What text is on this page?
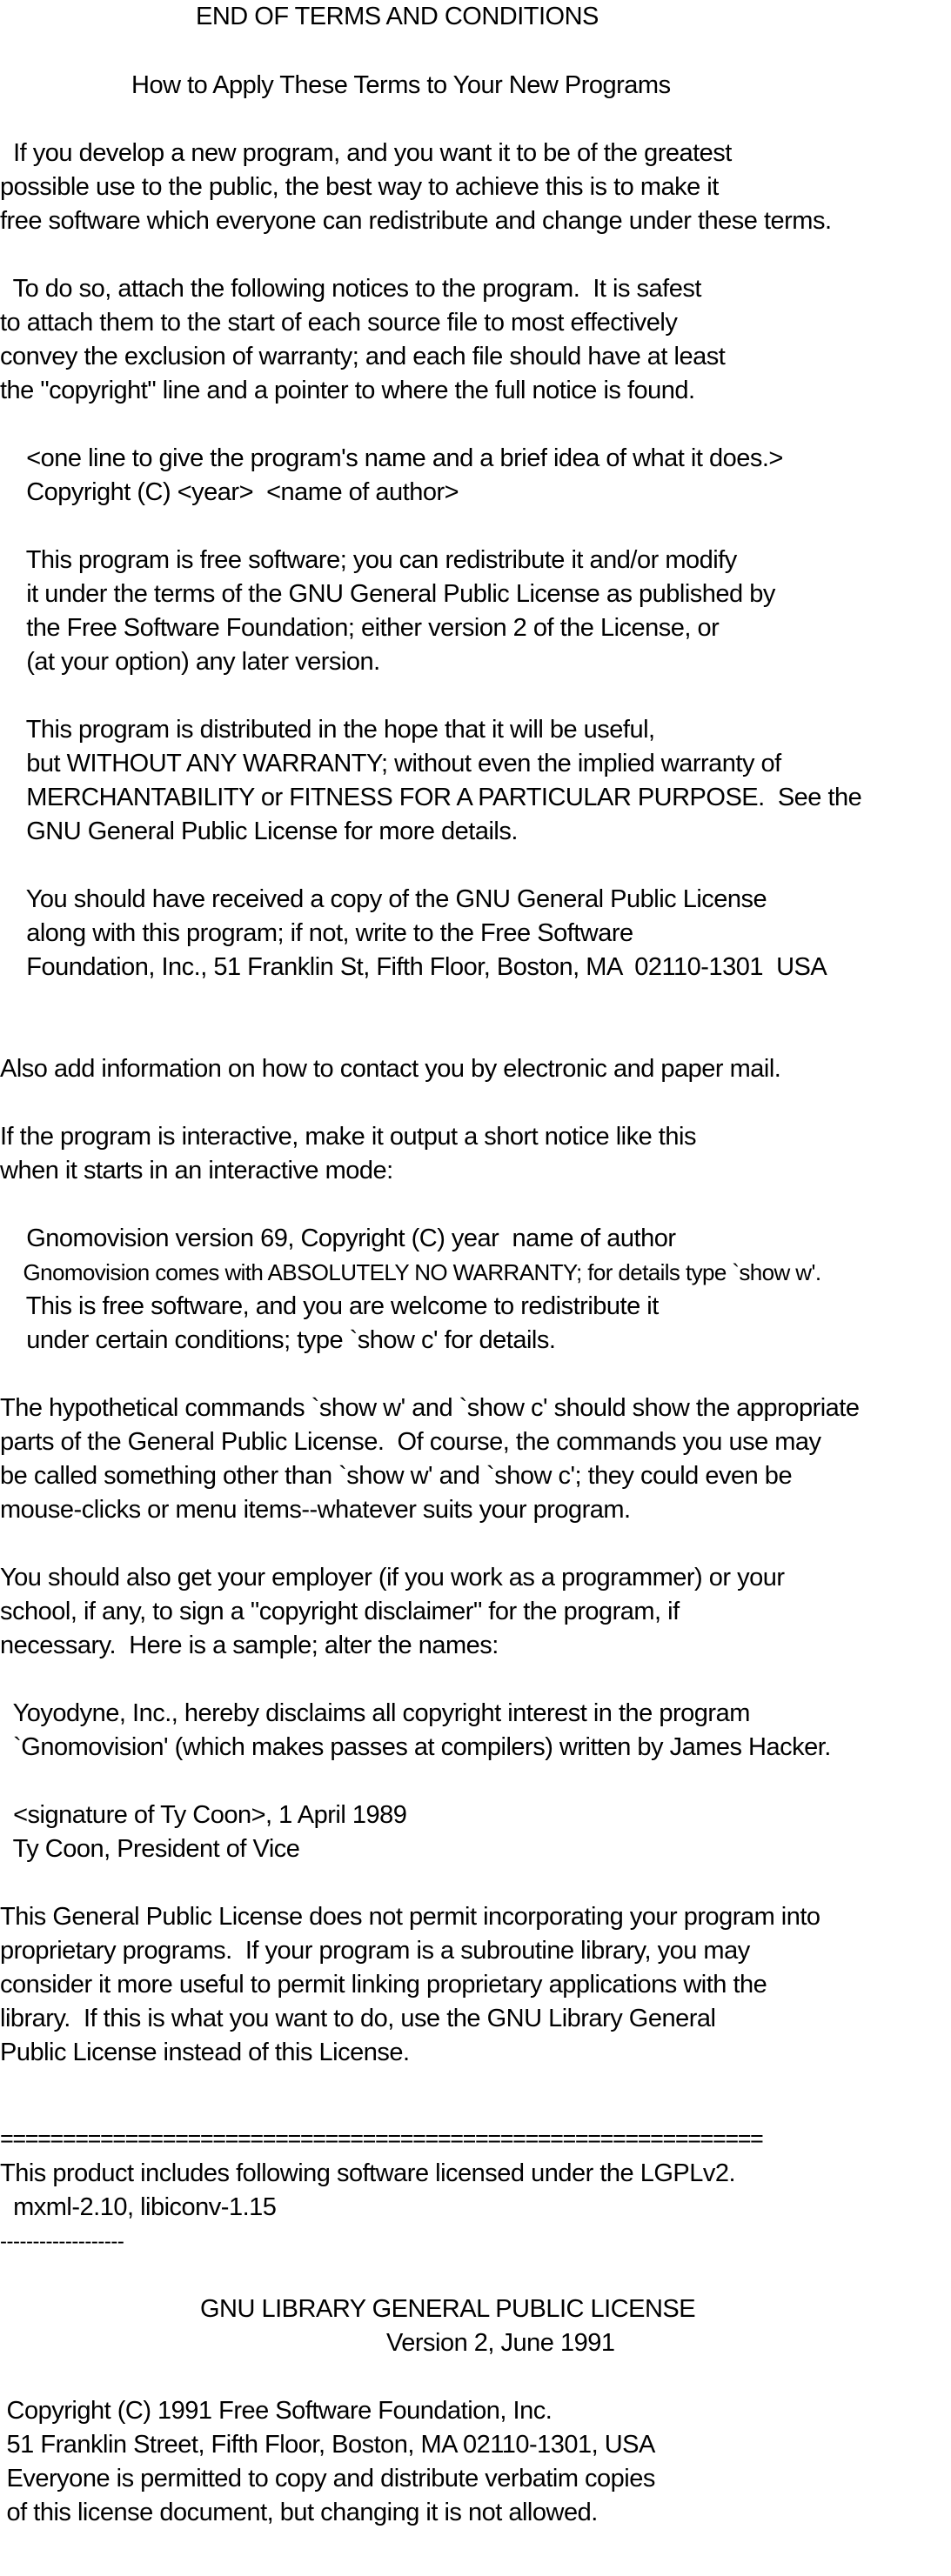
END OF TERMS AND CONDITIONS
How to Apply These Terms to Your New Programs
If you develop a new program, and you want it to be of the greatest
possible use to the public, the best way to achieve this is to make it
free software which everyone can redistribute and change under these terms.
To do so, attach the following notices to the program.  It is safest
to attach them to the start of each source file to most effectively
convey the exclusion of warranty; and each file should have at least
the "copyright" line and a pointer to where the full notice is found.
<one line to give the program's name and a brief idea of what it does.>
Copyright (C) <year>  <name of author>
This program is free software; you can redistribute it and/or modify
it under the terms of the GNU General Public License as published by
the Free Software Foundation; either version 2 of the License, or
(at your option) any later version.
This program is distributed in the hope that it will be useful,
but WITHOUT ANY WARRANTY; without even the implied warranty of
MERCHANTABILITY or FITNESS FOR A PARTICULAR PURPOSE.  See the
GNU General Public License for more details.
You should have received a copy of the GNU General Public License
along with this program; if not, write to the Free Software
Foundation, Inc., 51 Franklin St, Fifth Floor, Boston, MA  02110-1301  USA
Also add information on how to contact you by electronic and paper mail.
If the program is interactive, make it output a short notice like this
when it starts in an interactive mode:
Gnomovision version 69, Copyright (C) year  name of author
Gnomovision comes with ABSOLUTELY NO WARRANTY; for details type `show w'.
This is free software, and you are welcome to redistribute it
under certain conditions; type `show c' for details.
The hypothetical commands `show w' and `show c' should show the appropriate
parts of the General Public License.  Of course, the commands you use may
be called something other than `show w' and `show c'; they could even be
mouse-clicks or menu items--whatever suits your program.
You should also get your employer (if you work as a programmer) or your
school, if any, to sign a "copyright disclaimer" for the program, if
necessary.  Here is a sample; alter the names:
Yoyodyne, Inc., hereby disclaims all copyright interest in the program
`Gnomovision' (which makes passes at compilers) written by James Hacker.
<signature of Ty Coon>, 1 April 1989
Ty Coon, President of Vice
This General Public License does not permit incorporating your program into
proprietary programs.  If your program is a subroutine library, you may
consider it more useful to permit linking proprietary applications with the
library.  If this is what you want to do, use the GNU Library General
Public License instead of this License.
=============================================================
This product includes following software licensed under the LGPLv2.
mxml-2.10, libiconv-1.15
-------------------
GNU LIBRARY GENERAL PUBLIC LICENSE
Version 2, June 1991
Copyright (C) 1991 Free Software Foundation, Inc.
51 Franklin Street, Fifth Floor, Boston, MA 02110-1301, USA
Everyone is permitted to copy and distribute verbatim copies
of this license document, but changing it is not allowed.
